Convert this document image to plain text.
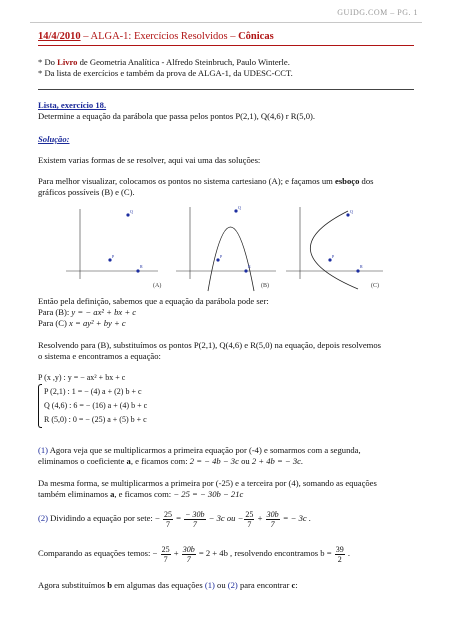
GUIDG.COM – PG. 1
14/4/2010 – ALGA-1: Exercícios Resolvidos – Cônicas
* Do Livro de Geometria Analítica - Alfredo Steinbruch, Paulo Winterle.
* Da lista de exercícios e também da prova de ALGA-1, da UDESC-CCT.
Lista, exercício 18.
Determine a equação da parábola que passa pelos pontos P(2,1), Q(4,6) r R(5,0).
Solução:
Existem varias formas de se resolver, aqui vai uma das soluções:
Para melhor visualizar, colocamos os pontos no sistema cartesiano (A); e façamos um esboço dos
gráficos possíveis (B) e (C).
P
Q
R
(A)
P
Q
R
(B)
P
Q
R
(C)
Então pela definição, sabemos que a equação da parábola pode ser:
Para (B): y = − ax² + bx + c
Para (C) x = ay² + by + c
Resolvendo para (B), substituímos os pontos P(2,1), Q(4,6) e R(5,0) na equação, depois resolvemos
o sistema e encontramos a equação:
P (x ,y) : y = − ax² + bx + c
P (2,1) : 1 = − (4) a + (2) b + c
Q (4,6) : 6 = − (16) a + (4) b + c
R (5,0) : 0 = − (25) a + (5) b + c
(1) Agora veja que se multiplicarmos a primeira equação por (-4) e somarmos com a segunda,
eliminamos o coeficiente a, e ficamos com: 2 = − 4b − 3c ou 2 + 4b = − 3c.
Da mesma forma, se multiplicarmos a primeira por (-25) e a terceira por (4), somando as equações
também eliminamos a, e ficamos com: − 25 = − 30b − 21c
(2) Dividindo a equação por sete: − $\frac{25}{7} = \frac{- 30b}{7} - 3c$ ou − $\frac{25}{7} + \frac{30b}{7}$ = − 3c .
Comparando as equações temos: − $\frac{25}{7} + \frac{30b}{7} = 2 + 4b$ , resolvendo encontramos $b = \frac{39}{2}$ .
Agora substituímos b em algumas das equações (1) ou (2) para encontrar c:
